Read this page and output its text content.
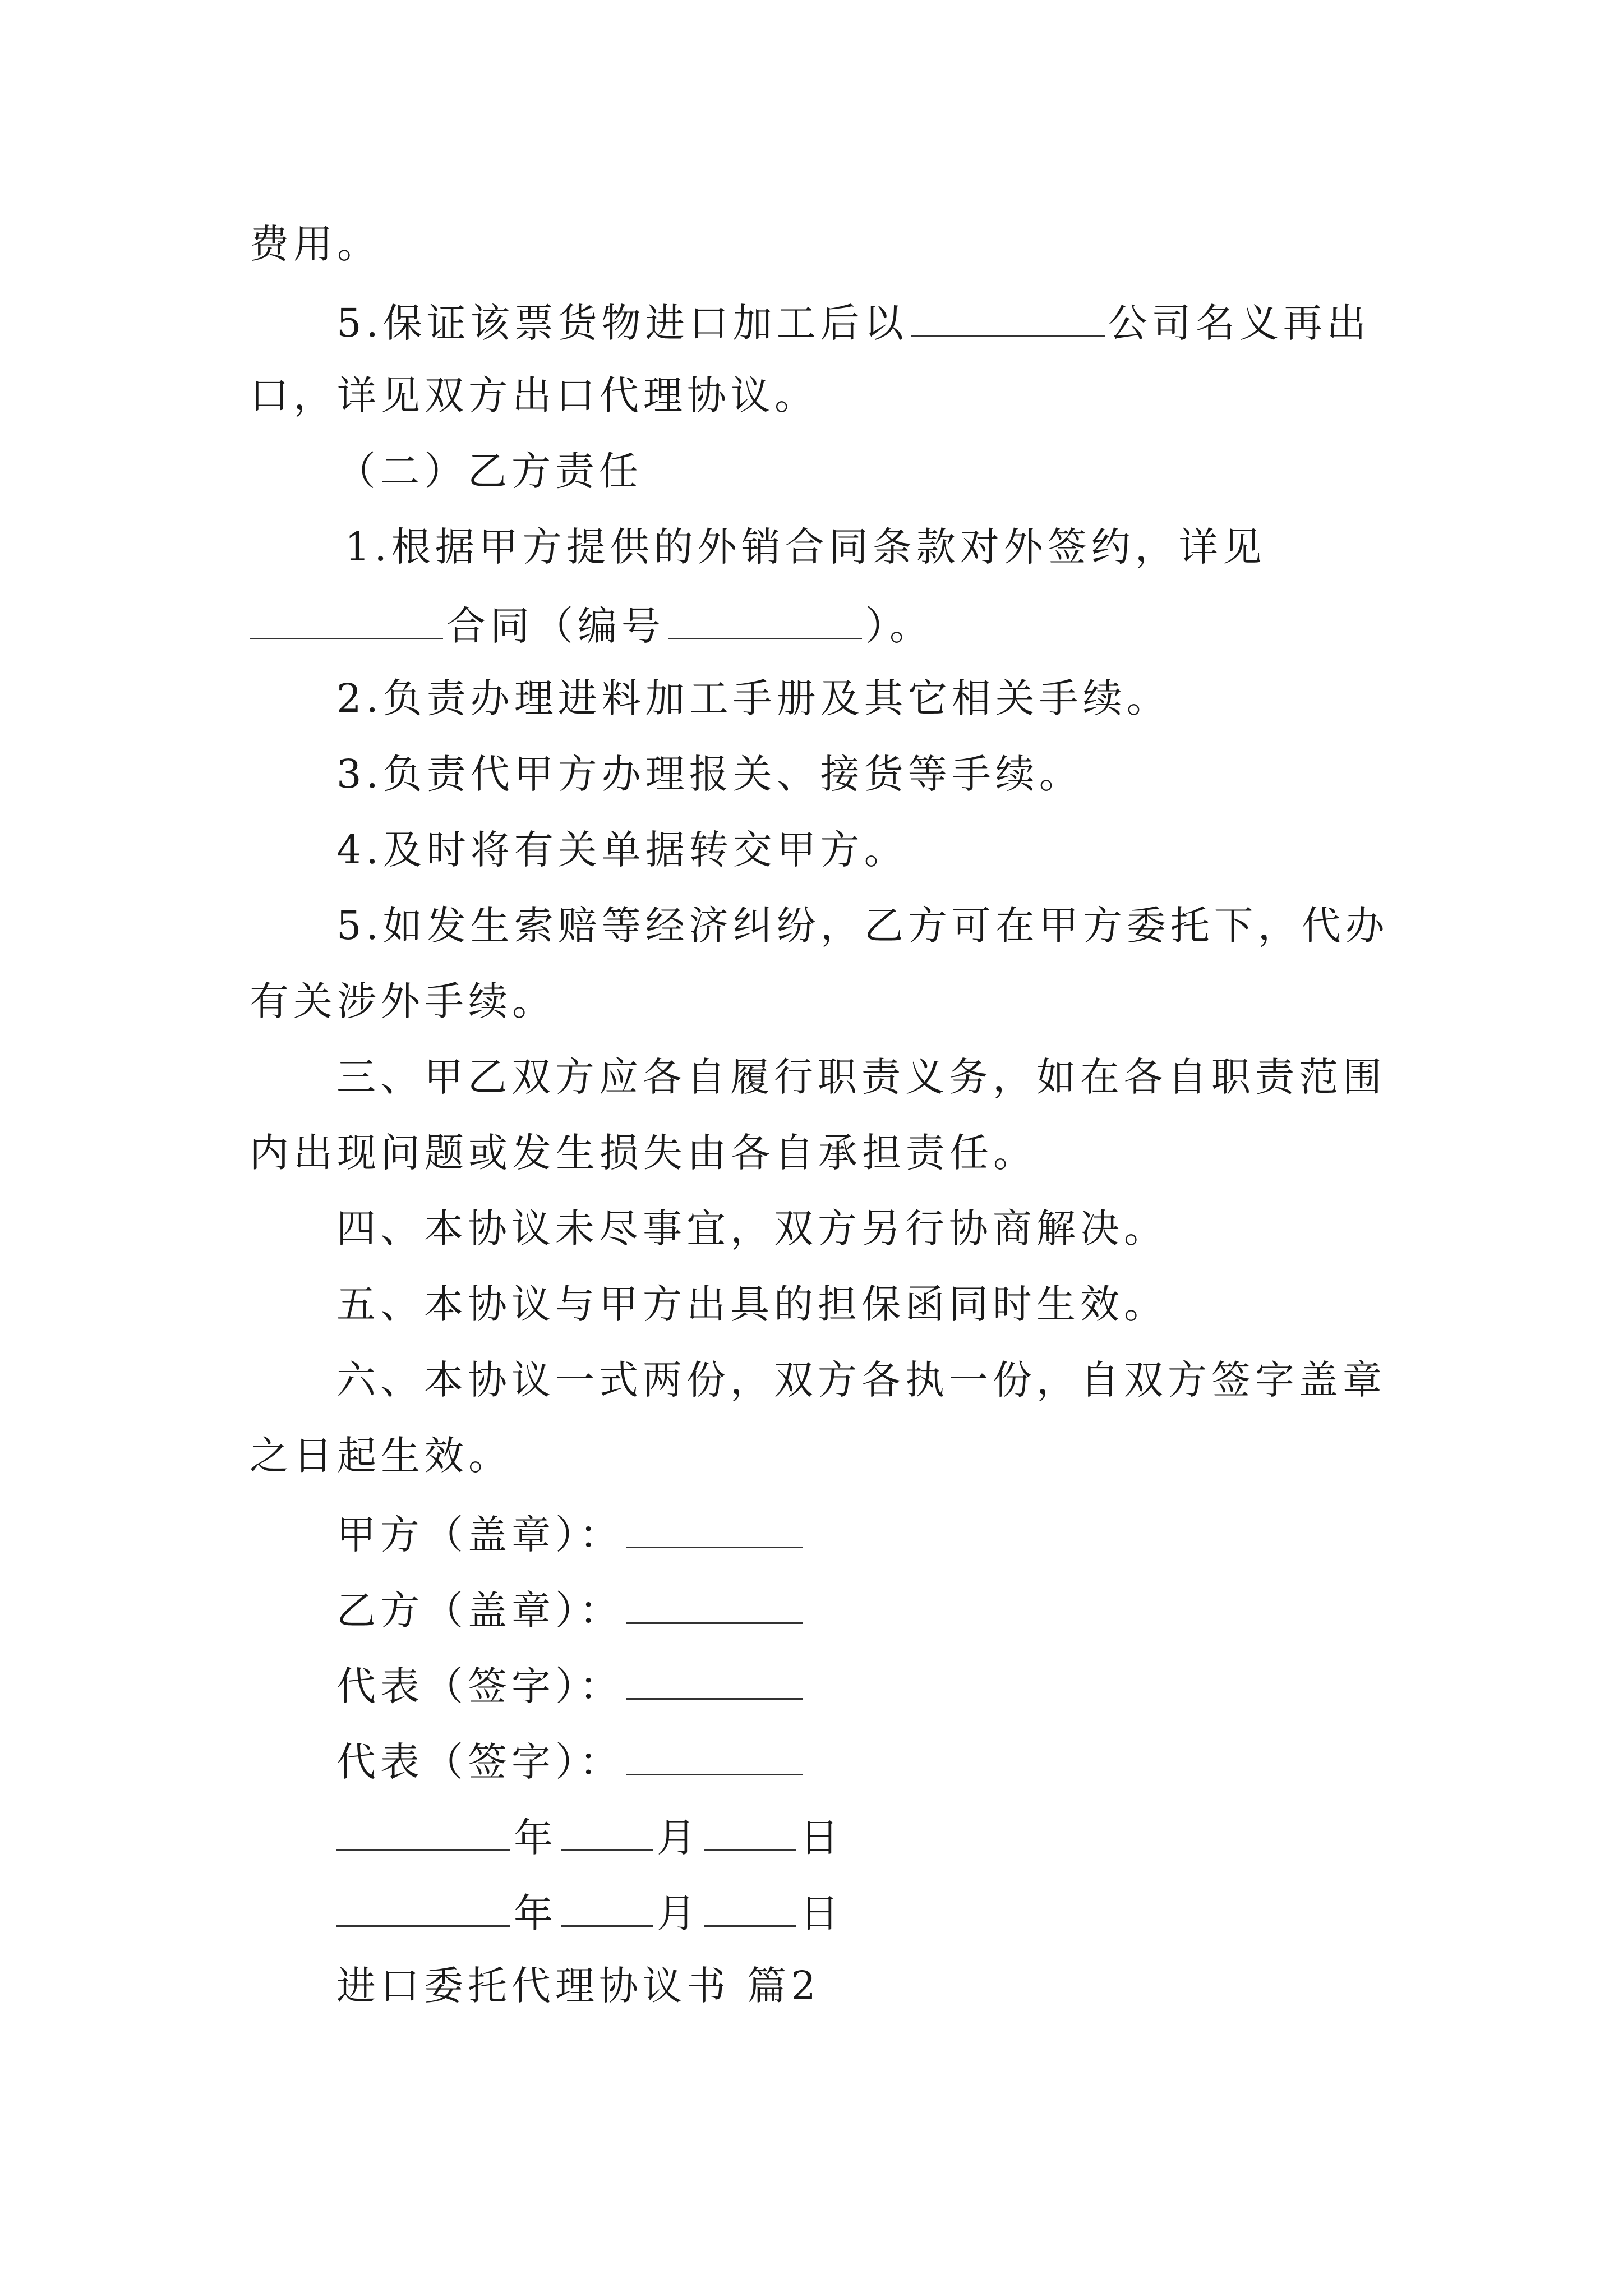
费用。
5.保证该票货物进口加工后以	公司名义再出
口，详见双方出口代理协议。
（二）乙方责任
1.根据甲方提供的外销合同条款对外签约，详见
合同（编号	）。
2.负责办理进料加工手册及其它相关手续。
3.负责代甲方办理报关、接货等手续。
4.及时将有关单据转交甲方。
5.如发生索赔等经济纠纷，乙方可在甲方委托下，代办
有关涉外手续。
三、甲乙双方应各自履行职责义务，如在各自职责范围
内出现问题或发生损失由各自承担责任。
四、本协议未尽事宜，双方另行协商解决。
五、本协议与甲方出具的担保函同时生效。
六、本协议一式两份，双方各执一份，自双方签字盖章
之日起生效。
甲方（盖章）：
乙方（盖章）：
代表（签字）：
代表（签字）：
年	月	日
年	月	日
进口委托代理协议书 篇2
